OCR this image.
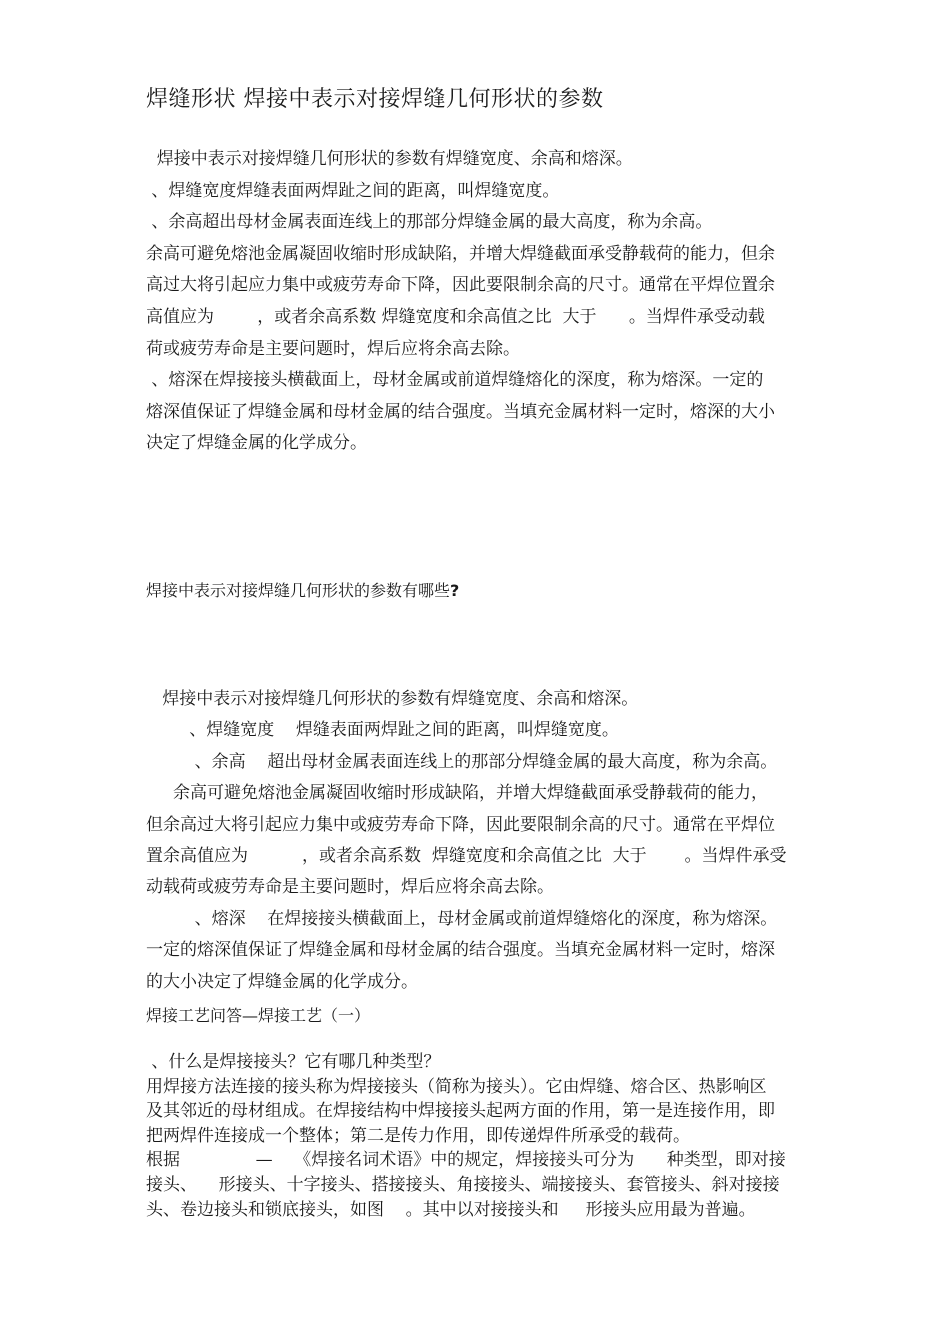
焊缝形状 焊接中表示对接焊缝几何形状的参数

焊接中表示对接焊缝几何形状的参数有焊缝宽度、余高和熔深。

、焊缝宽度焊缝表面两焊趾之间的距离，叫焊缝宽度。

、余高超出母材金属表面连线上的那部分焊缝金属的最大高度，称为余高。

余高可避免熔池金属凝固收缩时形成缺陷，并增大焊缝截面承受静载荷的能力，但余

高过大将引起应力集中或疲劳寿命下降，因此要限制余高的尺寸。通常在平焊位置余

高值应为        ，或者余高系数 焊缝宽度和余高值之比  大于      。当焊件承受动载

荷或疲劳寿命是主要问题时，焊后应将余高去除。

、熔深在焊接接头横截面上，母材金属或前道焊缝熔化的深度，称为熔深。一定的

熔深值保证了焊缝金属和母材金属的结合强度。当填充金属材料一定时，熔深的大小

决定了焊缝金属的化学成分。

焊接中表示对接焊缝几何形状的参数有哪些?

焊接中表示对接焊缝几何形状的参数有焊缝宽度、余高和熔深。

、焊缝宽度    焊缝表面两焊趾之间的距离，叫焊缝宽度。

、余高    超出母材金属表面连线上的那部分焊缝金属的最大高度，称为余高。

余高可避免熔池金属凝固收缩时形成缺陷，并增大焊缝截面承受静载荷的能力，

但余高过大将引起应力集中或疲劳寿命下降，因此要限制余高的尺寸。通常在平焊位

置余高值应为          ，或者余高系数  焊缝宽度和余高值之比  大于       。当焊件承受

动载荷或疲劳寿命是主要问题时，焊后应将余高去除。

、熔深    在焊接接头横截面上，母材金属或前道焊缝熔化的深度，称为熔深。

一定的熔深值保证了焊缝金属和母材金属的结合强度。当填充金属材料一定时，熔深

的大小决定了焊缝金属的化学成分。

焊接工艺问答—焊接工艺（一）

、什么是焊接接头？它有哪几种类型？

用焊接方法连接的接头称为焊接接头（简称为接头）。它由焊缝、熔合区、热影响区

及其邻近的母材组成。在焊接结构中焊接接头起两方面的作用，第一是连接作用，即

把两焊件连接成一个整体；第二是传力作用，即传递焊件所承受的载荷。

根据              —    《焊接名词术语》中的规定，焊接接头可分为      种类型，即对接

接头、    形接头、十字接头、搭接接头、角接接头、端接接头、套管接头、斜对接接

头、卷边接头和锁底接头，如图    。其中以对接接头和     形接头应用最为普遍。
